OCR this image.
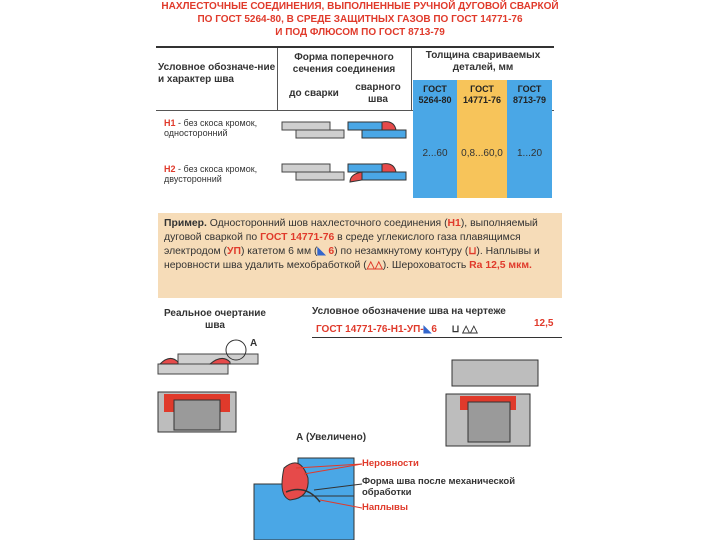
НАХЛЕСТОЧНЫЕ СОЕДИНЕНИЯ, ВЫПОЛНЕННЫЕ РУЧНОЙ ДУГОВОЙ СВАРКОЙ
ПО ГОСТ 5264-80, В СРЕДЕ ЗАЩИТНЫХ ГАЗОВ ПО ГОСТ 14771-76
И ПОД ФЛЮСОМ ПО ГОСТ 8713-79
Условное обозначе-ние и характер шва
Форма поперечного сечения соединения
до сварки
сварного шва
Толщина свариваемых деталей, мм
ГОСТ 5264-80
ГОСТ 14771-76
ГОСТ 8713-79
2...60	0,8...60,0	1...20
Н1 - без скоса кромок, односторонний
Н2 - без скоса кромок, двусторонний
Пример. Односторонний шов нахлесточного соединения (Н1), выполняемый дуговой сваркой по ГОСТ 14771-76 в среде углекислого газа плавящимся электродом (УП) катетом 6 мм (◣ 6) по незамкнутому контуру (⊔). Наплывы и неровности шва удалить мехобработкой (△△). Шероховатость Ra 12,5 мкм.
Реальное очертание шва
Условное обозначение шва на чертеже
А
ГОСТ 14771-76-Н1-УП-◣6 ⊔ △△
12,5
А (Увеличено)
Неровности
Форма шва после механической обработки
Наплывы
